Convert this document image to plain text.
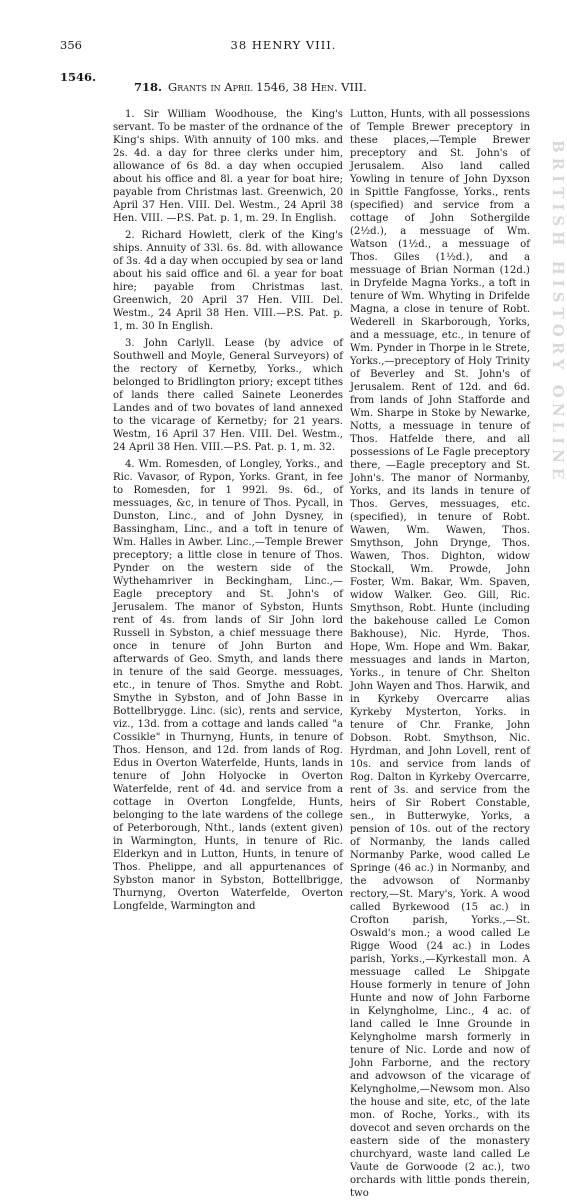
356	38 HENRY VIII.
1546.
718. Grants in April 1546, 38 Hen. VIII.

1. Sir William Woodhouse, the King's servant. To be master of the ordnance of the King's ships. With annuity of 100 mks. and 2s. 4d. a day for three clerks under him, allowance of 6s 8d. a day when occupied about his office and 8l. a year for boat hire; payable from Christmas last. Greenwich, 20 April 37 Hen. VIII. Del. Westm., 24 April 38 Hen. VIII. —P.S. Pat. p. 1, m. 29. In English.

2. Richard Howlett, clerk of the King's ships. Annuity of 33l. 6s. 8d. with allowance of 3s. 4d a day when occupied by sea or land about his said office and 6l. a year for boat hire; payable from Christmas last. Greenwich, 20 April 37 Hen. VIII. Del. Westm., 24 April 38 Hen. VIII.—P.S. Pat. p. 1, m. 30 In English.

3. John Carlyll. Lease (by advice of Southwell and Moyle, General Surveyors) of the rectory of Kernetby, Yorks., which belonged to Bridlington priory; except tithes of lands there called Sainete Leonerdes Landes and of two bovates of land annexed to the vicarage of Kernetby; for 21 years. Westm, 16 April 37 Hen. VIII. Del. Westm., 24 April 38 Hen. VIII.—P.S. Pat. p. 1, m. 32.

4. Wm. Romesden, of Longley, Yorks., and Ric. Vavasor, of Rypon, Yorks. Grant, in fee to Romesden, for 1 992l. 9s. 6d., of messuages, &c, in tenure of Thos. Pycall, in Dunston, Linc., and of John Dysney, in Bassingham, Linc., and a toft in tenure of Wm. Halles in Awber. Linc.,—Temple Brewer preceptory; a little close in tenure of Thos. Pynder on the western side of the Wythehamriver in Beckingham, Linc.,—Eagle preceptory and St. John's of Jerusalem. The manor of Sybston, Hunts rent of 4s. from lands of Sir John lord Russell in Sybston, a chief messuage there once in tenure of John Burton and afterwards of Geo. Smyth, and lands there in tenure of the said George. messuages, etc., in tenure of Thos. Smythe and Robt. Smythe in Sybston, and of John Basse in Bottellbrygge. Linc. (sic), rents and service, viz., 13d. from a cottage and lands called "a Cossikle" in Thurnyng, Hunts, in tenure of Thos. Henson, and 12d. from lands of Rog. Edus in Overton Waterfelde, Hunts, lands in tenure of John Holyocke in Overton Waterfelde, rent of 4d. and service from a cottage in Overton Longfelde, Hunts, belonging to the late wardens of the college of Peterborough, Ntht., lands (extent given) in Warmington, Hunts, in tenure of Ric. Elderkyn and in Lutton, Hunts, in tenure of Thos. Phelippe, and all appurtenances of Sybston manor in Sybston, Bottellbrigge, Thurnyng, Overton Waterfelde, Overton Longfelde, Warmington and

Lutton, Hunts, with all possessions of Temple Brewer preceptory in these places,—Temple Brewer preceptory and St. John's of Jerusalem. Also land called Yowling in tenure of John Dyxson in Spittle Fangfosse, Yorks., rents (specified) and service from a cottage of John Sothergilde (2½d.), a messuage of Wm. Watson (1½d., a messuage of Thos. Giles (1½d.), and a messuage of Brian Norman (12d.) in Dryfelde Magna Yorks., a toft in tenure of Wm. Whyting in Drifelde Magna, a close in tenure of Robt. Wederell in Skarborough, Yorks, and a messuage, etc., in tenure of Wm. Pynder in Thorpe in le Strete, Yorks.,—preceptory of Holy Trinity of Beverley and St. John's of Jerusalem. Rent of 12d. and 6d. from lands of John Stafforde and Wm. Sharpe in Stoke by Newarke, Notts, a messuage in tenure of Thos. Hatfelde there, and all possessions of Le Fagle preceptory there, —Eagle preceptory and St. John's. The manor of Normanby, Yorks, and its lands in tenure of Thos. Gerves, messuages, etc. (specified), in tenure of Robt. Wawen, Wm. Wawen, Thos. Smythson, John Drynge, Thos. Wawen, Thos. Dighton, widow Stockall, Wm. Prowde, John Foster, Wm. Bakar, Wm. Spaven, widow Walker. Geo. Gill, Ric. Smythson, Robt. Hunte (including the bakehouse called Le Comon Bakhouse), Nic. Hyrde, Thos. Hope, Wm. Hope and Wm. Bakar, messuages and lands in Marton, Yorks., in tenure of Chr. Shelton John Wayen and Thos. Harwik, and in Kyrkeby Overcarre alias Kyrkeby Mysterton, Yorks. in tenure of Chr. Franke, John Dobson. Robt. Smythson, Nic. Hyrdman, and John Lovell, rent of 10s. and service from lands of Rog. Dalton in Kyrkeby Overcarre, rent of 3s. and service from the heirs of Sir Robert Constable, sen., in Butterwyke, Yorks, a pension of 10s. out of the rectory of Normanby, the lands called Normanby Parke, wood called Le Springe (46 ac.) in Normanby, and the advowson of Normanby rectory,—St. Mary's, York. A wood called Byrkewood (15 ac.) in Crofton parish, Yorks.,—St. Oswald's mon.; a wood called Le Rigge Wood (24 ac.) in Lodes parish, Yorks.,—Kyrkestall mon. A messuage called Le Shipgate House formerly in tenure of John Hunte and now of John Farborne in Kelyngholme, Linc., 4 ac. of land called le Inne Grounde in Kelyngholme marsh formerly in tenure of Nic. Lorde and now of John Farborne, and the rectory and advowson of the vicarage of Kelyngholme,—Newsom mon. Also the house and site, etc, of the late mon. of Roche, Yorks., with its dovecot and seven orchards on the eastern side of the monastery churchyard, waste land called Le Vaute de Gorwoode (2 ac.), two orchards with little ponds therein, two

BRITISH HISTORY ONLINE
